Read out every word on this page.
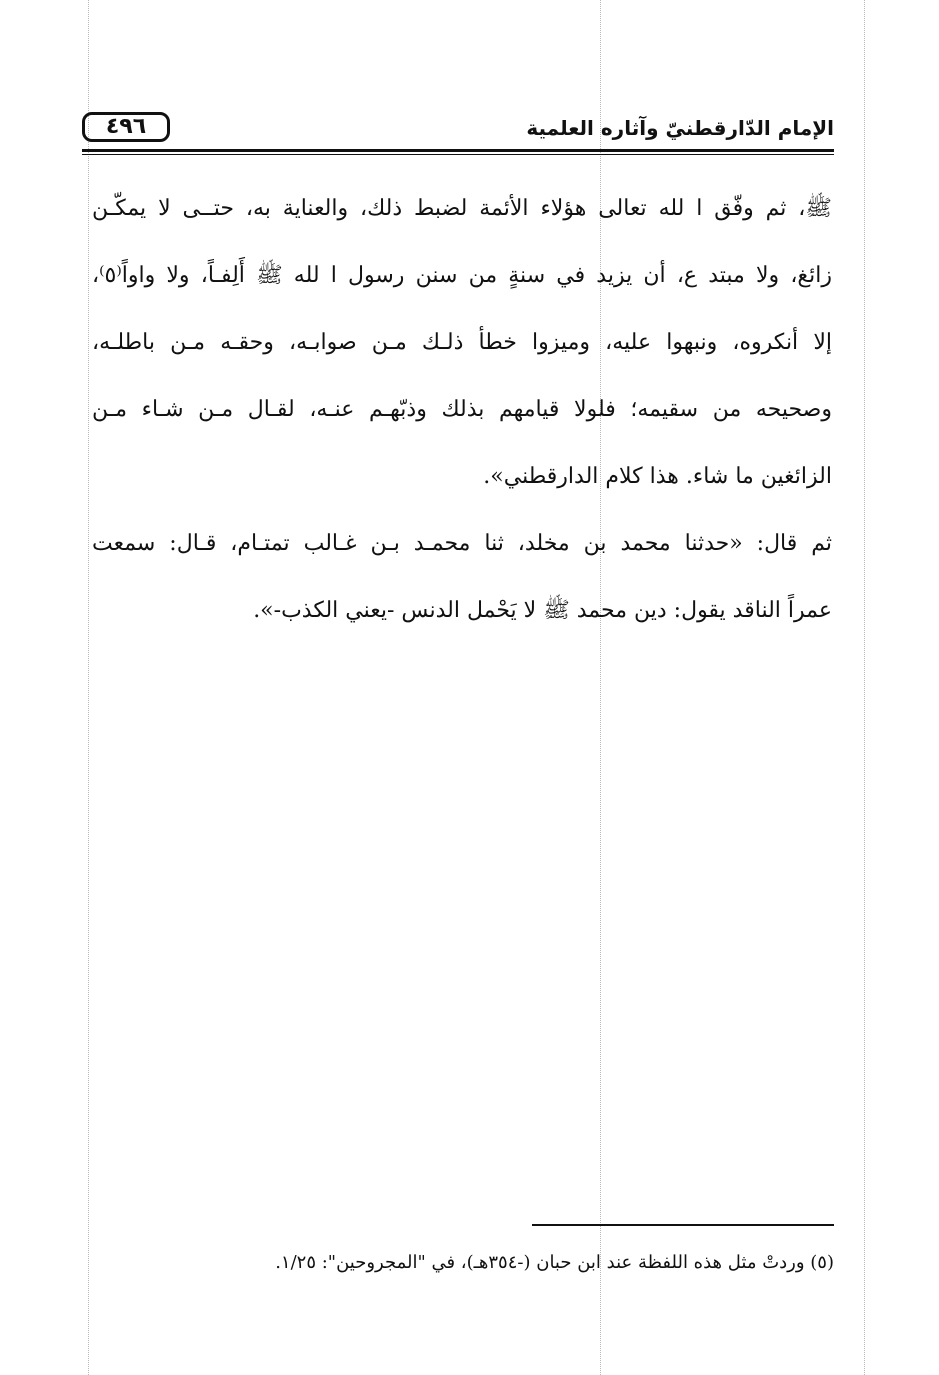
٤٩٦	الإمام الدّارقطنيّ وآثاره العلمية
ﷺ، ثم وفّق ا لله تعالى هؤلاء الأئمة لضبط ذلك، والعناية به، حتــى لا يمكّـن
زائغ، ولا مبتد ع، أن يزيد في سنةٍ من سنن رسول ا لله ﷺ أَلِفـاً، ولا واواً⁽٥⁾،
إلا أنكروه، ونبهوا عليه، وميزوا خطأ ذلـك مـن صوابـه، وحقـه مـن باطلـه،
وصحيحه من سقيمه؛ فلولا قيامهم بذلك وذبّهـم عنـه، لقـال مـن شـاء مـن
الزائغين ما شاء. هذا كلام الدارقطني».
ثم قال: «حدثنا محمد بن مخلد، ثنا محمـد بـن غـالب تمتـام، قـال: سمعت
عمراً الناقد يقول: دين محمد ﷺ لا يَحْمل الدنس -يعني الكذب-».
(٥) وردتْ مثل هذه اللفظة عند ابن حبان (-٣٥٤هـ)، في "المجروحين": ١/٢٥.
